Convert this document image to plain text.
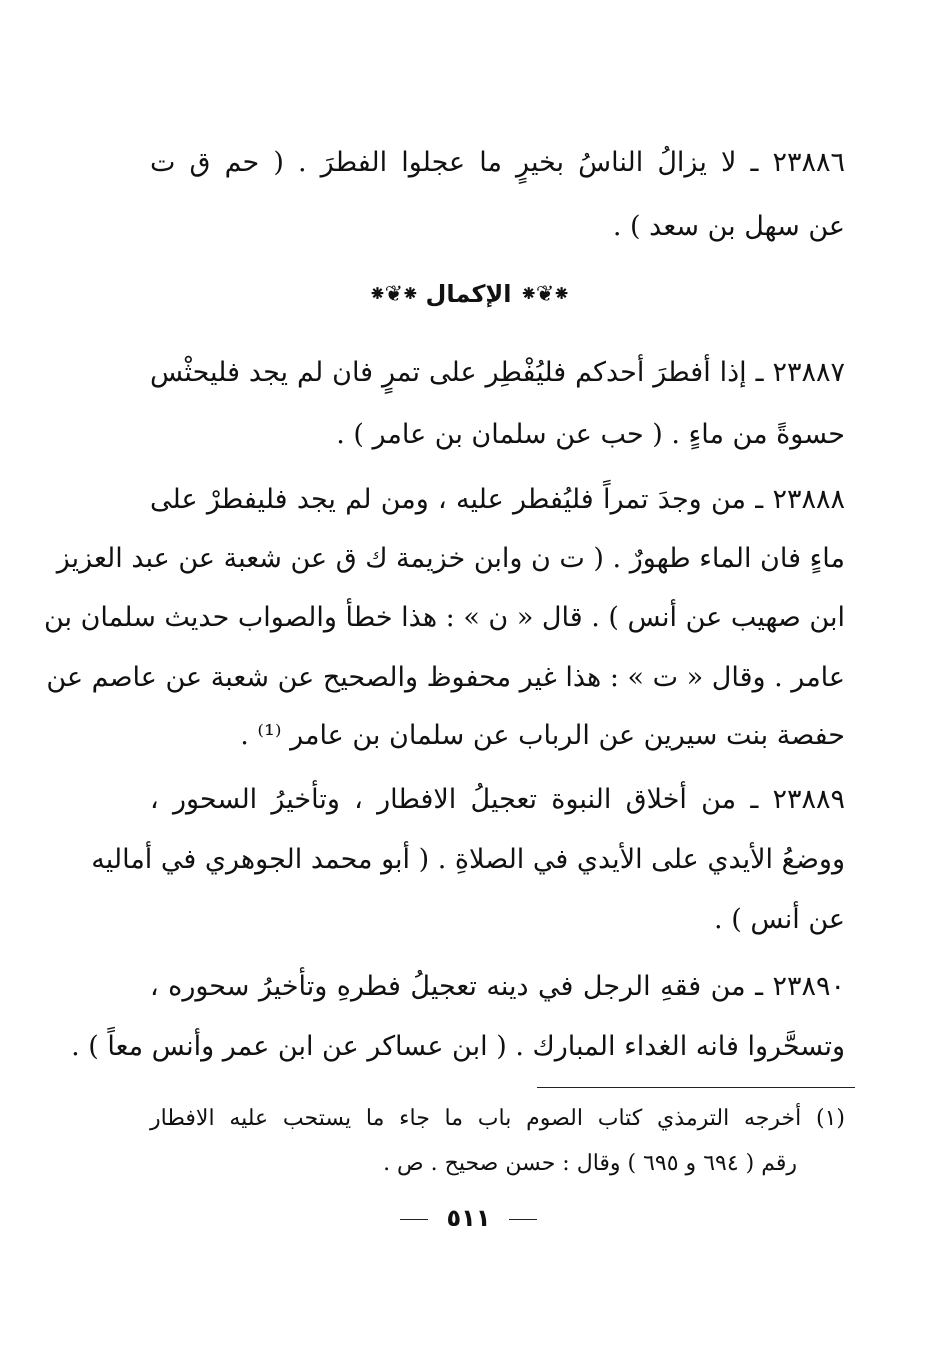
٢٣٨٨٦ ـ لا يزالُ الناسُ بخيرٍ ما عجلوا الفطرَ . ( حم ق ت
عن سهل بن سعد ) .
⁕❦⁕
الإكمال
⁕❦⁕
٢٣٨٨٧ ـ إذا أفطرَ أحدكم فليُفْطِر على تمرٍ فان لم يجد فليحثْس
حسوةً من ماءٍ . ( حب عن سلمان بن عامر ) .
٢٣٨٨٨ ـ من وجدَ تمراً فليُفطر عليه ، ومن لم يجد فليفطرْ على
ماءٍ فان الماء طهورٌ . ( ت ن وابن خزيمة ك ق عن شعبة عن عبد العزيز
ابن صهيب عن أنس ) . قال « ن » : هذا خطأ والصواب حديث سلمان بن
عامر . وقال « ت » : هذا غير محفوظ والصحيح عن شعبة عن عاصم عن
حفصة بنت سيرين عن الرباب عن سلمان بن عامر ⁽¹⁾ .
٢٣٨٨٩ ـ من أخلاق النبوة تعجيلُ الافطار ، وتأخيرُ السحور ،
ووضعُ الأيدي على الأيدي في الصلاةِ . ( أبو محمد الجوهري في أماليه
عن أنس ) .
٢٣٨٩٠ ـ من فقهِ الرجل في دينه تعجيلُ فطرهِ وتأخيرُ سحوره ،
وتسحَّروا فانه الغداء المبارك . ( ابن عساكر عن ابن عمر وأنس معاً ) .
(١) أخرجه الترمذي كتاب الصوم باب ما جاء ما يستحب عليه الافطار
رقم ( ٦٩٤ و ٦٩٥ ) وقال : حسن صحيح . ص .
٥١١
